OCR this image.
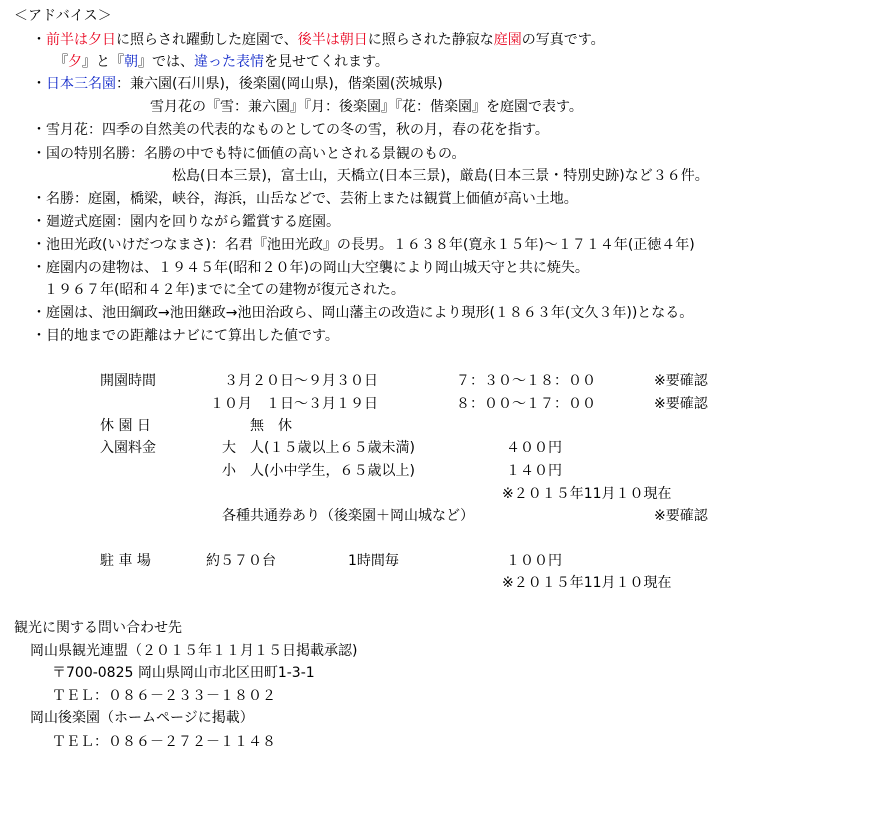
＜アドバイス＞
・前半は夕日に照らされ躍動した庭園で、後半は朝日に照らされた静寂な庭園の写真です。
『夕』と『朝』では、違った表情を見せてくれます。
・日本三名園：兼六園(石川県)，後楽園(岡山県)，偕楽園(茨城県)
雪月花の『雪：兼六園』『月：後楽園』『花：偕楽園』を庭園で表す。
・雪月花：四季の自然美の代表的なものとしての冬の雪，秋の月，春の花を指す。
・国の特別名勝：名勝の中でも特に価値の高いとされる景観のもの。
松島(日本三景)，富士山，天橋立(日本三景)，厳島(日本三景・特別史跡)など３６件。
・名勝：庭園，橋梁，峡谷，海浜，山岳などで、芸術上または観賞上価値が高い土地。
・廻遊式庭園：園内を回りながら鑑賞する庭園。
・池田光政(いけだつなまさ)：名君『池田光政』の長男。１６３８年(寛永１５年)～１７１４年(正徳４年)
・庭園内の建物は、１９４５年(昭和２０年)の岡山大空襲により岡山城天守と共に焼失。
１９６７年(昭和４２年)までに全ての建物が復元された。
・庭園は、池田綱政→池田継政→池田治政ら、岡山藩主の改造により現形(１８６３年(文久３年))となる。
・目的地までの距離はナビにて算出した値です。
開園時間	３月２０日～９月３０日	７：３０～１８：００	※要確認
１０月　１日～３月１９日	８：００～１７：００	※要確認
休 園 日	無　休
入園料金	大　人(１５歳以上６５歳未満)	４００円
小　人(小中学生，６５歳以上)	１４０円
※２０１５年11月１０現在
各種共通券あり（後楽園＋岡山城など）	※要確認
駐 車 場	約５７０台	1時間毎	１００円
※２０１５年11月１０現在
観光に関する問い合わせ先
岡山県観光連盟（２０１５年１１月１５日掲載承認)
〒700-0825 岡山県岡山市北区田町1-3-1
ＴＥＬ：０８６－２３３－１８０２
岡山後楽園（ホームページに掲載）
ＴＥＬ：０８６－２７２－１１４８
